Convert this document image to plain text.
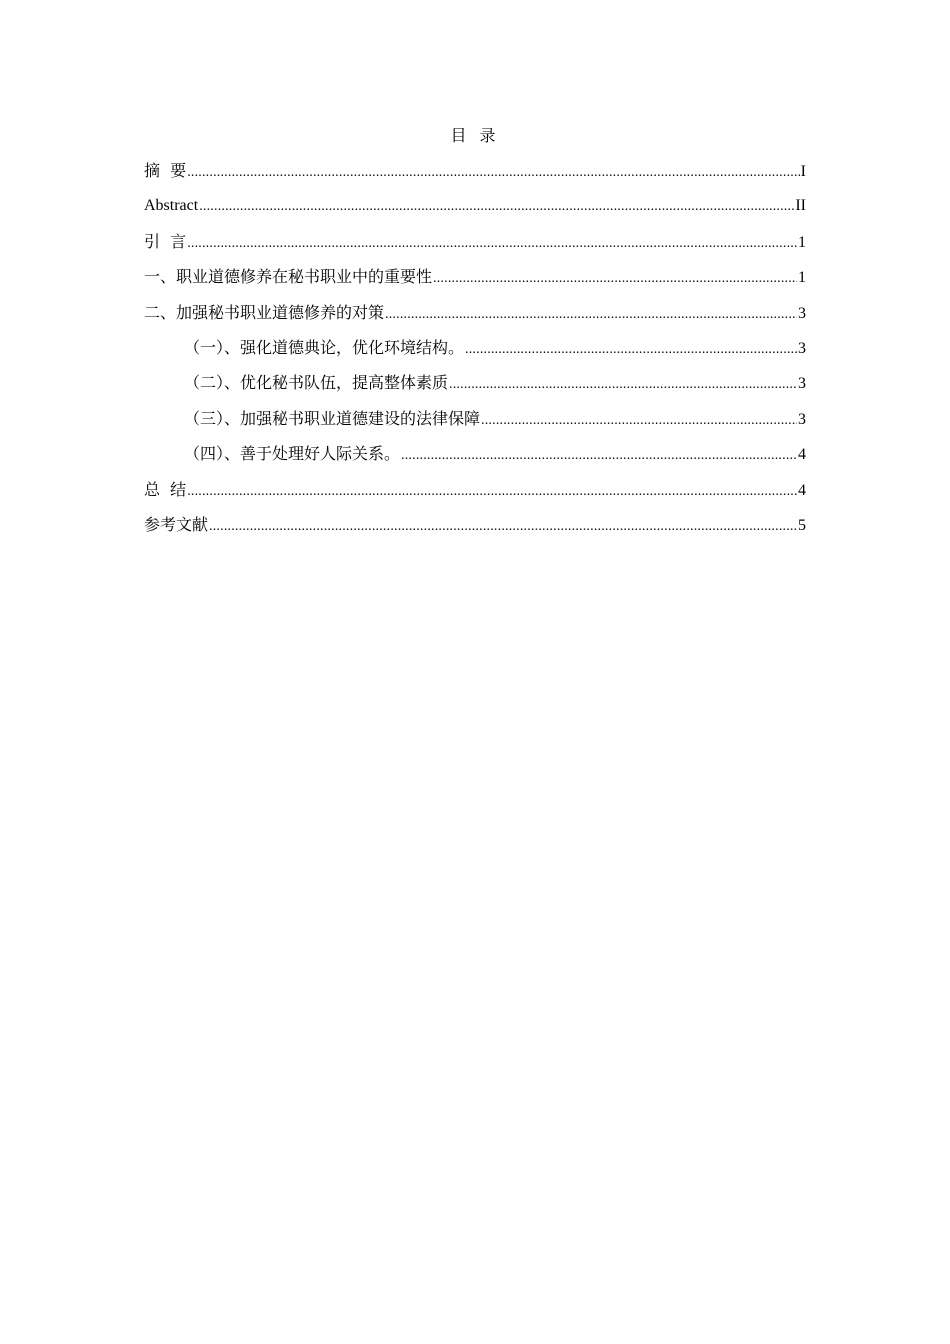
目 录
摘  要 .....	I
Abstract .....	II
引  言 .....	1
一、职业道德修养在秘书职业中的重要性 .....	1
二、加强秘书职业道德修养的对策 .....	3
（一）、强化道德典论，优化环境结构。 .....	3
（二）、优化秘书队伍，提高整体素质 .....	3
（三）、加强秘书职业道德建设的法律保障 .....	3
（四）、善于处理好人际关系。 .....	4
总  结 .....	4
参考文献 .....	5
